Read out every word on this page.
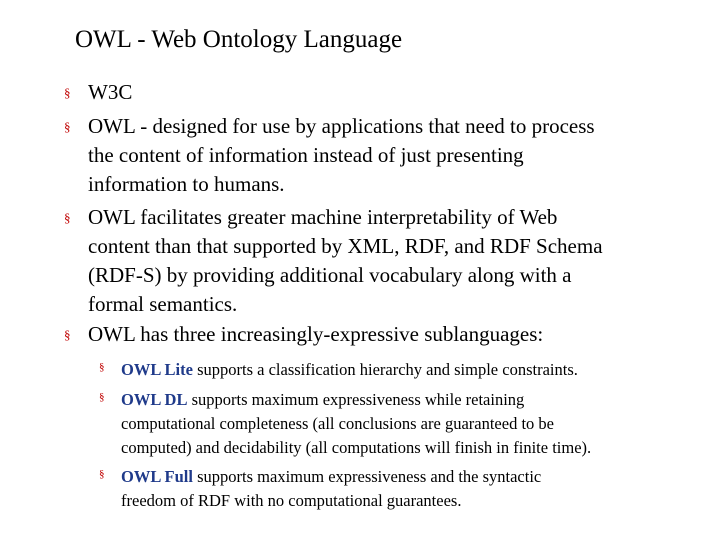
OWL - Web Ontology Language
§ W3C
§ OWL - designed for use by applications that need to process
the content of information instead of just presenting
information to humans.
§ OWL facilitates greater machine interpretability of Web
content than that supported by XML, RDF, and RDF Schema
(RDF-S) by providing additional vocabulary along with a
formal semantics.
§ OWL has three increasingly-expressive sublanguages:
§ OWL Lite supports a classification hierarchy and simple constraints.
§ OWL DL supports maximum expressiveness while retaining
computational completeness (all conclusions are guaranteed to be
computed) and decidability (all computations will finish in finite time).
§ OWL Full supports maximum expressiveness and the syntactic
freedom of RDF with no computational guarantees.
